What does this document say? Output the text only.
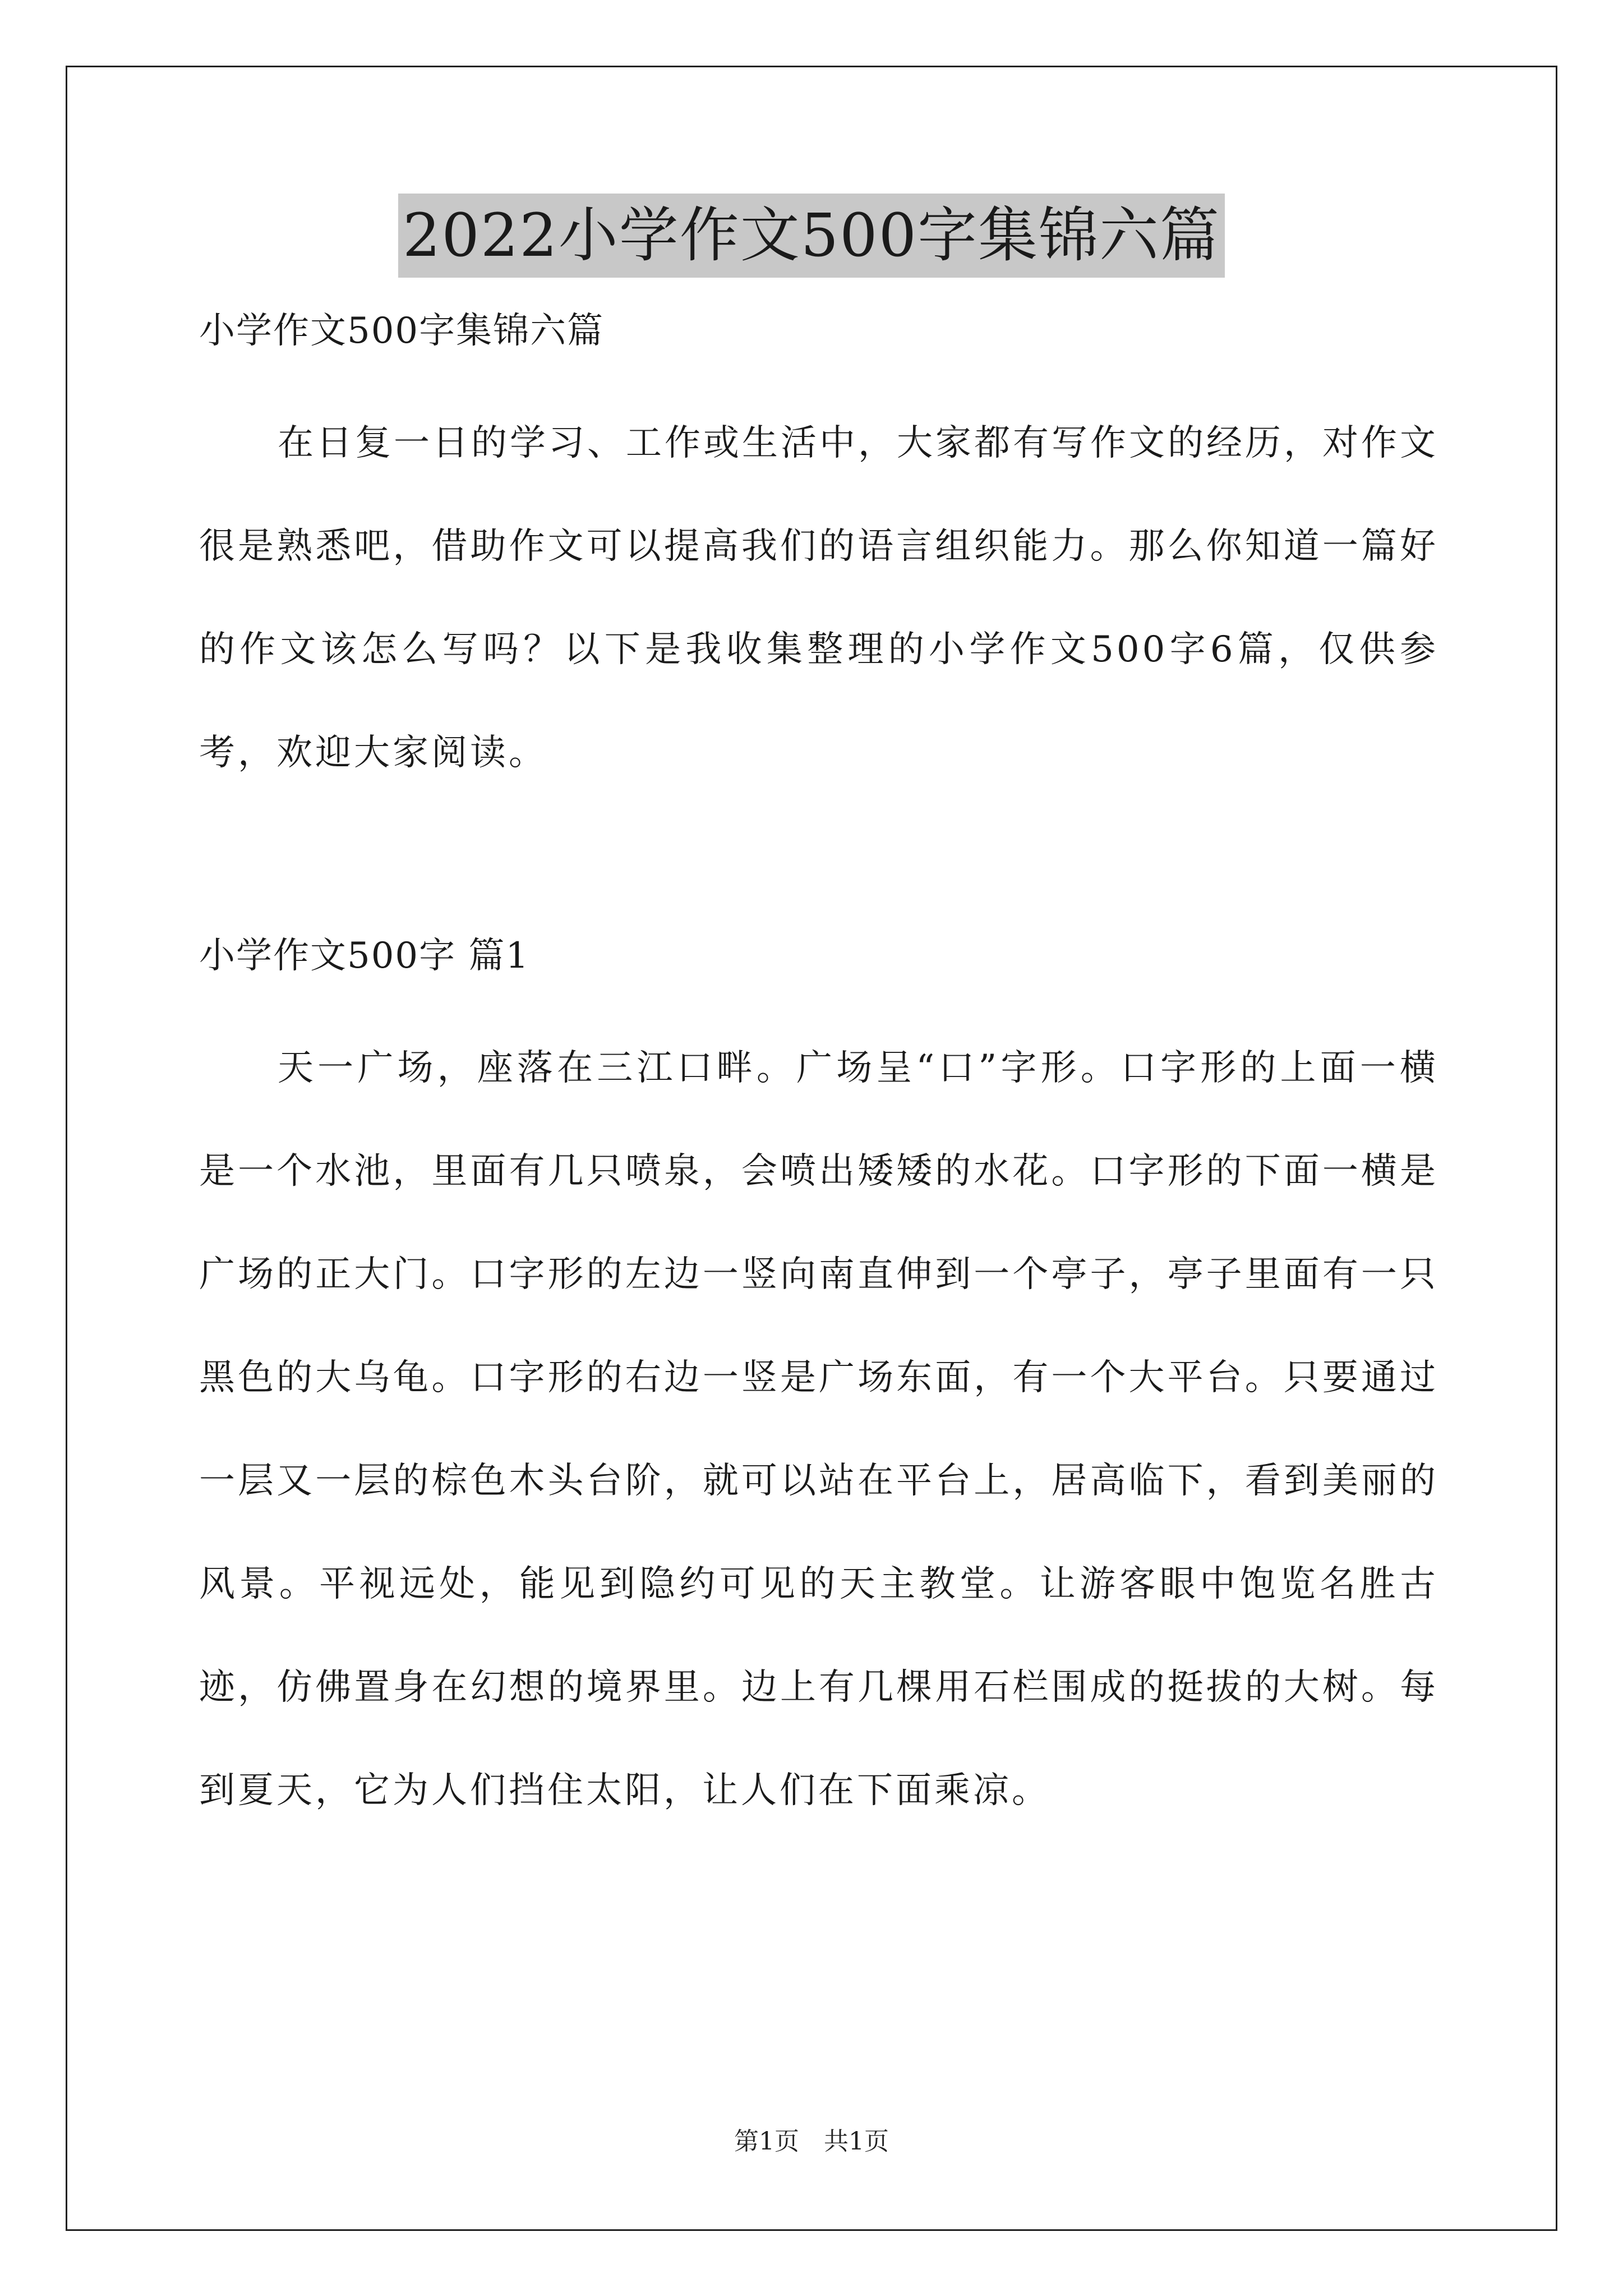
2022小学作文500字集锦六篇

小学作文500字集锦六篇

在日复一日的学习、工作或生活中，大家都有写作文的经历，对作文很是熟悉吧，借助作文可以提高我们的语言组织能力。那么你知道一篇好的作文该怎么写吗？以下是我收集整理的小学作文500字6篇，仅供参考，欢迎大家阅读。

小学作文500字 篇1

天一广场，座落在三江口畔。广场呈“口”字形。口字形的上面一横是一个水池，里面有几只喷泉，会喷出矮矮的水花。口字形的下面一横是广场的正大门。口字形的左边一竖向南直伸到一个亭子，亭子里面有一只黑色的大乌龟。口字形的右边一竖是广场东面，有一个大平台。只要通过一层又一层的棕色木头台阶，就可以站在平台上，居高临下，看到美丽的风景。平视远处，能见到隐约可见的天主教堂。让游客眼中饱览名胜古迹，仿佛置身在幻想的境界里。边上有几棵用石栏围成的挺拔的大树。每到夏天，它为人们挡住太阳，让人们在下面乘凉。

第1页 共1页
